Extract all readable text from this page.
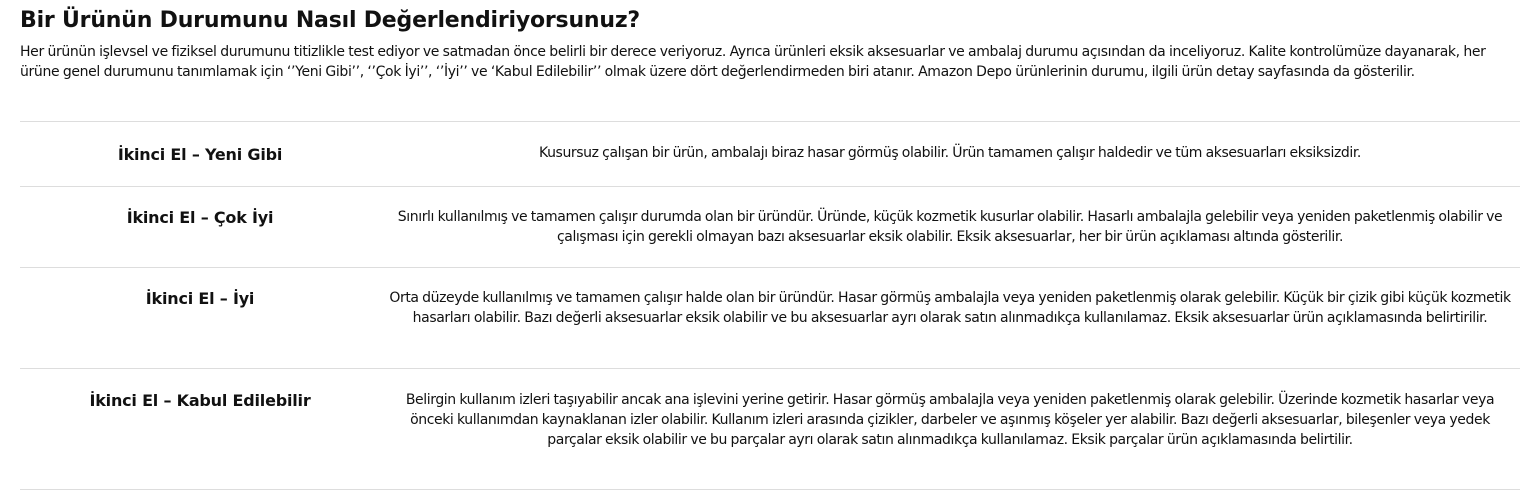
Bir Ürünün Durumunu Nasıl Değerlendiriyorsunuz?

Her ürünün işlevsel ve fiziksel durumunu titizlikle test ediyor ve satmadan önce belirli bir derece veriyoruz. Ayrıca ürünleri eksik aksesuarlar ve ambalaj durumu açısından da inceliyoruz. Kalite kontrolümüze dayanarak, her ürüne genel durumunu tanımlamak için ‘’Yeni Gibi’’, ‘’Çok İyi’’, ‘’İyi’’ ve ‘Kabul Edilebilir’’ olmak üzere dört değerlendirmeden biri atanır. Amazon Depo ürünlerinin durumu, ilgili ürün detay sayfasında da gösterilir.

İkinci El – Yeni Gibi	Kusursuz çalışan bir ürün, ambalajı biraz hasar görmüş olabilir. Ürün tamamen çalışır haldedir ve tüm aksesuarları eksiksizdir.
İkinci El – Çok İyi	Sınırlı kullanılmış ve tamamen çalışır durumda olan bir üründür. Üründe, küçük kozmetik kusurlar olabilir. Hasarlı ambalajla gelebilir veya yeniden paketlenmiş olabilir ve çalışması için gerekli olmayan bazı aksesuarlar eksik olabilir. Eksik aksesuarlar, her bir ürün açıklaması altında gösterilir.
İkinci El – İyi	Orta düzeyde kullanılmış ve tamamen çalışır halde olan bir üründür. Hasar görmüş ambalajla veya yeniden paketlenmiş olarak gelebilir. Küçük bir çizik gibi küçük kozmetik hasarları olabilir. Bazı değerli aksesuarlar eksik olabilir ve bu aksesuarlar ayrı olarak satın alınmadıkça kullanılamaz. Eksik aksesuarlar ürün açıklamasında belirtirilir.
İkinci El – Kabul Edilebilir	Belirgin kullanım izleri taşıyabilir ancak ana işlevini yerine getirir. Hasar görmüş ambalajla veya yeniden paketlenmiş olarak gelebilir. Üzerinde kozmetik hasarlar veya önceki kullanımdan kaynaklanan izler olabilir. Kullanım izleri arasında çizikler, darbeler ve aşınmış köşeler yer alabilir. Bazı değerli aksesuarlar, bileşenler veya yedek parçalar eksik olabilir ve bu parçalar ayrı olarak satın alınmadıkça kullanılamaz. Eksik parçalar ürün açıklamasında belirtilir.
